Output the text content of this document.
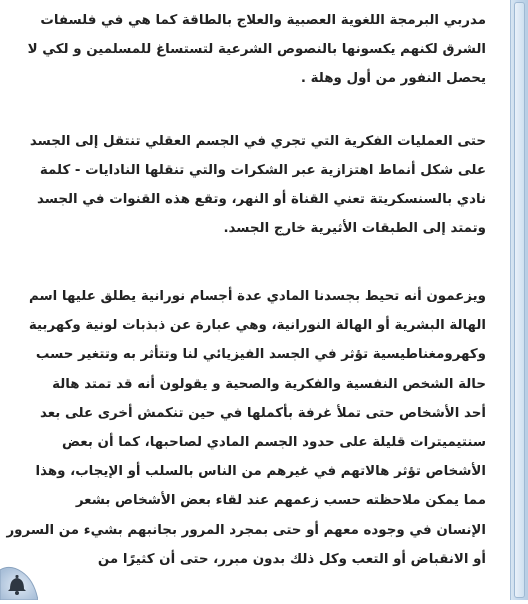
مدربي البرمجة اللغوية العصبية والعلاج بالطاقة كما هي في فلسفات
الشرق لكنهم يكسونها بالنصوص الشرعية لتستساغ للمسلمين و لكي لا
يحصل النفور من أول وهلة .
حتى العمليات الفكرية التي تجري في الجسم العقلي تنتقل إلى الجسد
على شكل أنماط اهتزازية عبر الشكرات والتي تنقلها النادايات - كلمة
نادي بالسنسكريتة تعني القناة أو النهر، وتقع هذه القنوات في الجسد
وتمتد إلى الطبقات الأثيرية خارج الجسد.
ويزعمون أنه تحيط بجسدنا المادي عدة أجسام نورانية يطلق عليها اسم
الهالة البشرية أو الهالة النورانية، وهي عبارة عن ذبذبات لونية وكهربية
وكهرومغناطيسية تؤثر في الجسد الفيزيائي لنا وتتأثر به وتتغير حسب
حالة الشخص النفسية والفكرية والصحية و يقولون أنه قد تمتد هالة
أحد الأشخاص حتى تملأ غرفة بأكملها في حين تنكمش أخرى على بعد
سنتيميترات قليلة على حدود الجسم المادي لصاحبها، كما أن بعض
الأشخاص تؤثر هالاتهم في غيرهم من الناس بالسلب أو الإيجاب، وهذا
مما يمكن ملاحظته حسب زعمهم عند لقاء بعض الأشخاص بشعر
الإنسان في وجوده معهم أو حتى بمجرد المرور بجانبهم بشيء من السرور
أو الانقباض أو التعب وكل ذلك بدون مبرر، حتى أن كثيرًا من
